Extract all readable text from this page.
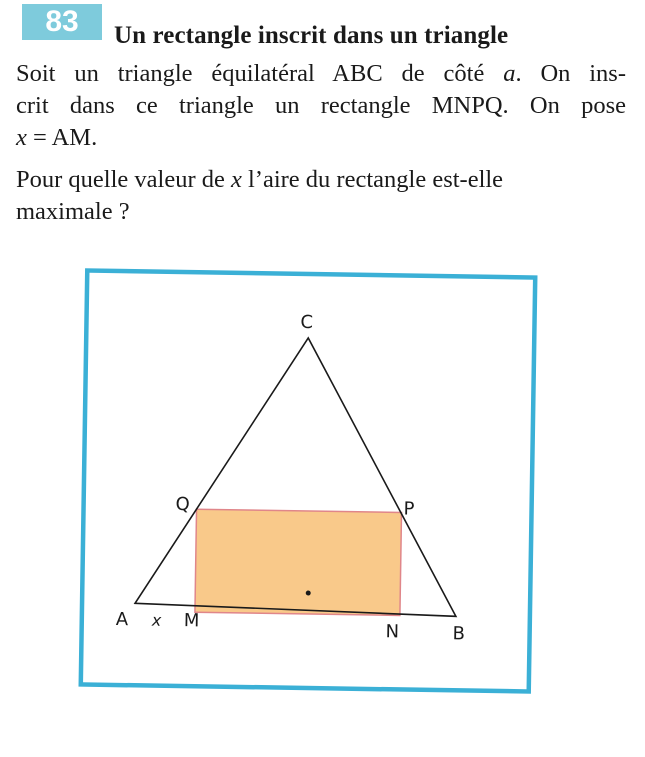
83	Un rectangle inscrit dans un triangle
Soit un triangle équilatéral ABC de côté a. On ins-
crit dans ce triangle un rectangle MNPQ. On pose
x = AM.
Pour quelle valeur de x l’aire du rectangle est-elle
maximale ?
C
Q	P
A x M
N	B
